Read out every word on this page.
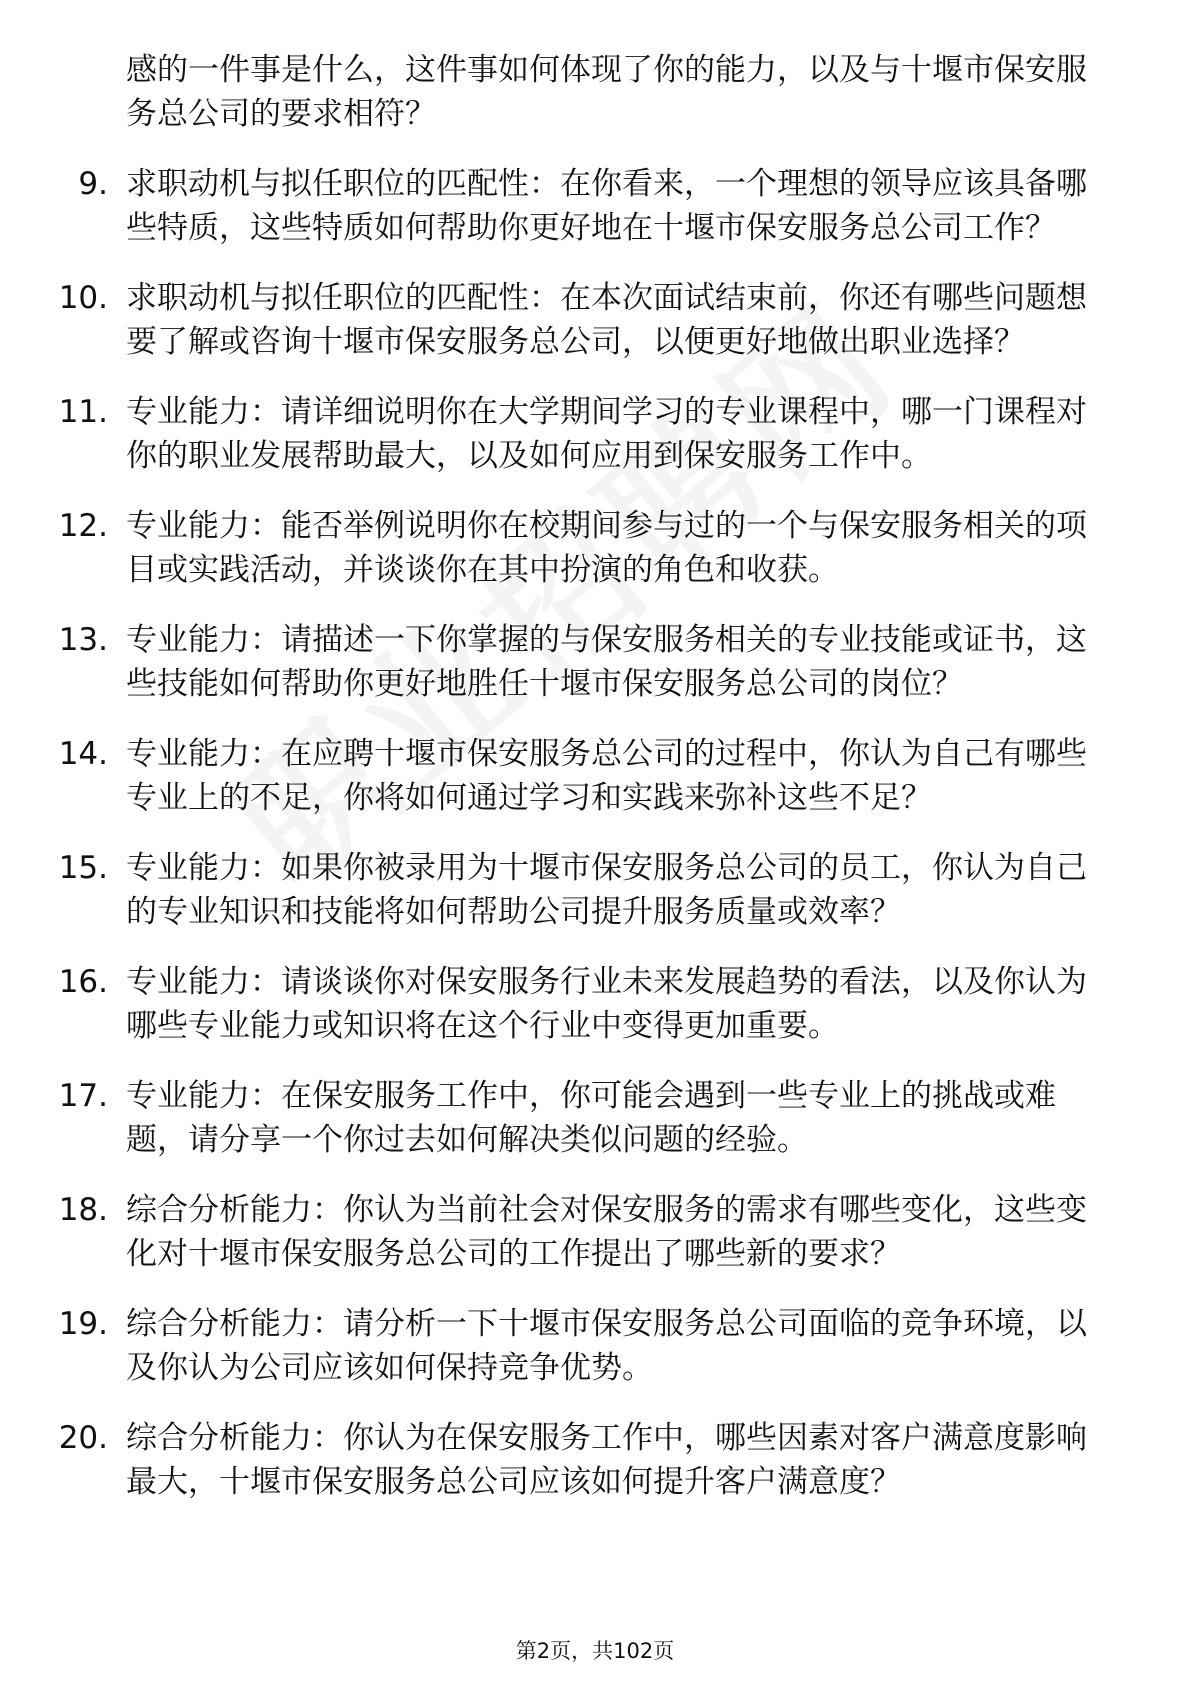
感的一件事是什么，这件事如何体现了你的能力，以及与十堰市保安服务总公司的要求相符？
9. 求职动机与拟任职位的匹配性：在你看来，一个理想的领导应该具备哪些特质，这些特质如何帮助你更好地在十堰市保安服务总公司工作？
10. 求职动机与拟任职位的匹配性：在本次面试结束前，你还有哪些问题想要了解或咨询十堰市保安服务总公司，以便更好地做出职业选择？
11. 专业能力：请详细说明你在大学期间学习的专业课程中，哪一门课程对你的职业发展帮助最大，以及如何应用到保安服务工作中。
12. 专业能力：能否举例说明你在校期间参与过的一个与保安服务相关的项目或实践活动，并谈谈你在其中扮演的角色和收获。
13. 专业能力：请描述一下你掌握的与保安服务相关的专业技能或证书，这些技能如何帮助你更好地胜任十堰市保安服务总公司的岗位？
14. 专业能力：在应聘十堰市保安服务总公司的过程中，你认为自己有哪些专业上的不足，你将如何通过学习和实践来弥补这些不足？
15. 专业能力：如果你被录用为十堰市保安服务总公司的员工，你认为自己的专业知识和技能将如何帮助公司提升服务质量或效率？
16. 专业能力：请谈谈你对保安服务行业未来发展趋势的看法，以及你认为哪些专业能力或知识将在这个行业中变得更加重要。
17. 专业能力：在保安服务工作中，你可能会遇到一些专业上的挑战或难题，请分享一个你过去如何解决类似问题的经验。
18. 综合分析能力：你认为当前社会对保安服务的需求有哪些变化，这些变化对十堰市保安服务总公司的工作提出了哪些新的要求？
19. 综合分析能力：请分析一下十堰市保安服务总公司面临的竞争环境，以及你认为公司应该如何保持竞争优势。
20. 综合分析能力：你认为在保安服务工作中，哪些因素对客户满意度影响最大，十堰市保安服务总公司应该如何提升客户满意度？
第2页，共102页
